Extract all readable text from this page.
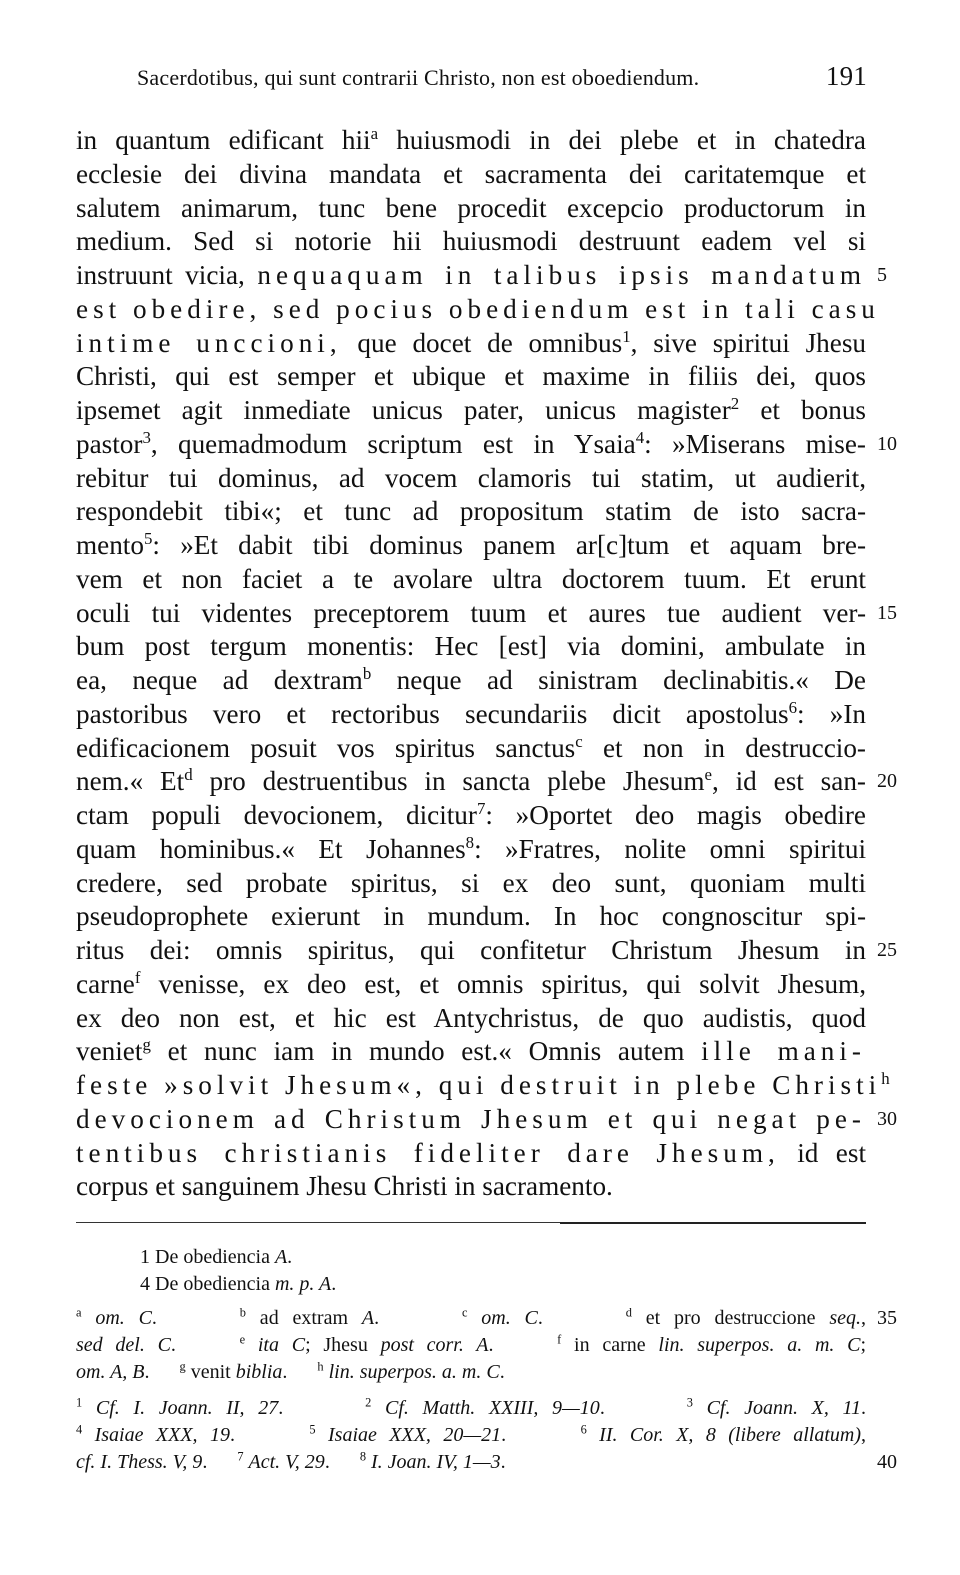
Sacerdotibus, qui sunt contrarii Christo, non est oboediendum.	191
in quantum edificant hii$^a$ huiusmodi in dei plebe et in chatedra
ecclesie dei divina mandata et sacramenta dei caritatemque et
salutem animarum, tunc bene procedit excepcio productorum in
medium. Sed si notorie hii huiusmodi destruunt eadem vel si
instruunt vicia, nequaquam in talibus ipsis mandatum
est obedire, sed pocius obediendum est in tali casu
intime unccioni, que docet de omnibus$^1$, sive spiritui Jhesu
Christi, qui est semper et ubique et maxime in filiis dei, quos
ipsemet agit inmediate unicus pater, unicus magister$^2$ et bonus
pastor$^3$, quemadmodum scriptum est in Ysaia$^4$: »Miserans mise-
rebitur tui dominus, ad vocem clamoris tui statim, ut audierit,
respondebit tibi«; et tunc ad propositum statim de isto sacra-
mento$^5$: »Et dabit tibi dominus panem ar[c]tum et aquam bre-
vem et non faciet a te avolare ultra doctorem tuum. Et erunt
oculi tui videntes preceptorem tuum et aures tue audient ver-
bum post tergum monentis: Hec [est] via domini, ambulate in
ea, neque ad dextram$^b$ neque ad sinistram declinabitis.« De
pastoribus vero et rectoribus secundariis dicit apostolus$^6$: »In
edificacionem posuit vos spiritus sanctus$^c$ et non in destruccio-
nem.« Et$^d$ pro destruentibus in sancta plebe Jhesum$^e$, id est san-
ctam populi devocionem, dicitur$^7$: »Oportet deo magis obedire
quam hominibus.« Et Johannes$^8$: »Fratres, nolite omni spiritui
credere, sed probate spiritus, si ex deo sunt, quoniam multi
pseudoprophete exierunt in mundum. In hoc congnoscitur spi-
ritus dei: omnis spiritus, qui confitetur Christum Jhesum in
carne$^f$ venisse, ex deo est, et omnis spiritus, qui solvit Jhesum,
ex deo non est, et hic est Antychristus, de quo audistis, quod
veniet$^g$ et nunc iam in mundo est.« Omnis autem ille mani-
feste »solvit Jhesum«, qui destruit in plebe Christi$^h$
devocionem ad Christum Jhesum et qui negat pe-
tentibus christianis fideliter dare Jhesum, id est
corpus et sanguinem Jhesu Christi in sacramento.
5
10
15
20
25
30
1 De obediencia A.
4 De obediencia m. p. A.
$^a$ om. C.      $^b$ ad extram A.      $^c$ om. C.      $^d$ et pro destruccione seq.,
sed del. C.     $^e$ ita C; Jhesu post corr. A.     $^f$ in carne lin. superpos. a. m. C;
om. A, B.      $^g$ venit biblia.      $^h$ lin. superpos. a. m. C.
$^1$ Cf. I. Joann. II, 27.      $^2$ Cf. Matth. XXIII, 9—10.      $^3$ Cf. Joann. X, 11.
$^4$ Isaiae XXX, 19.      $^5$ Isaiae XXX, 20—21.      $^6$ II. Cor. X, 8 (libere allatum),
cf. I. Thess. V, 9.      $^7$ Act. V, 29.      $^8$ I. Joan. IV, 1—3.
35
40
